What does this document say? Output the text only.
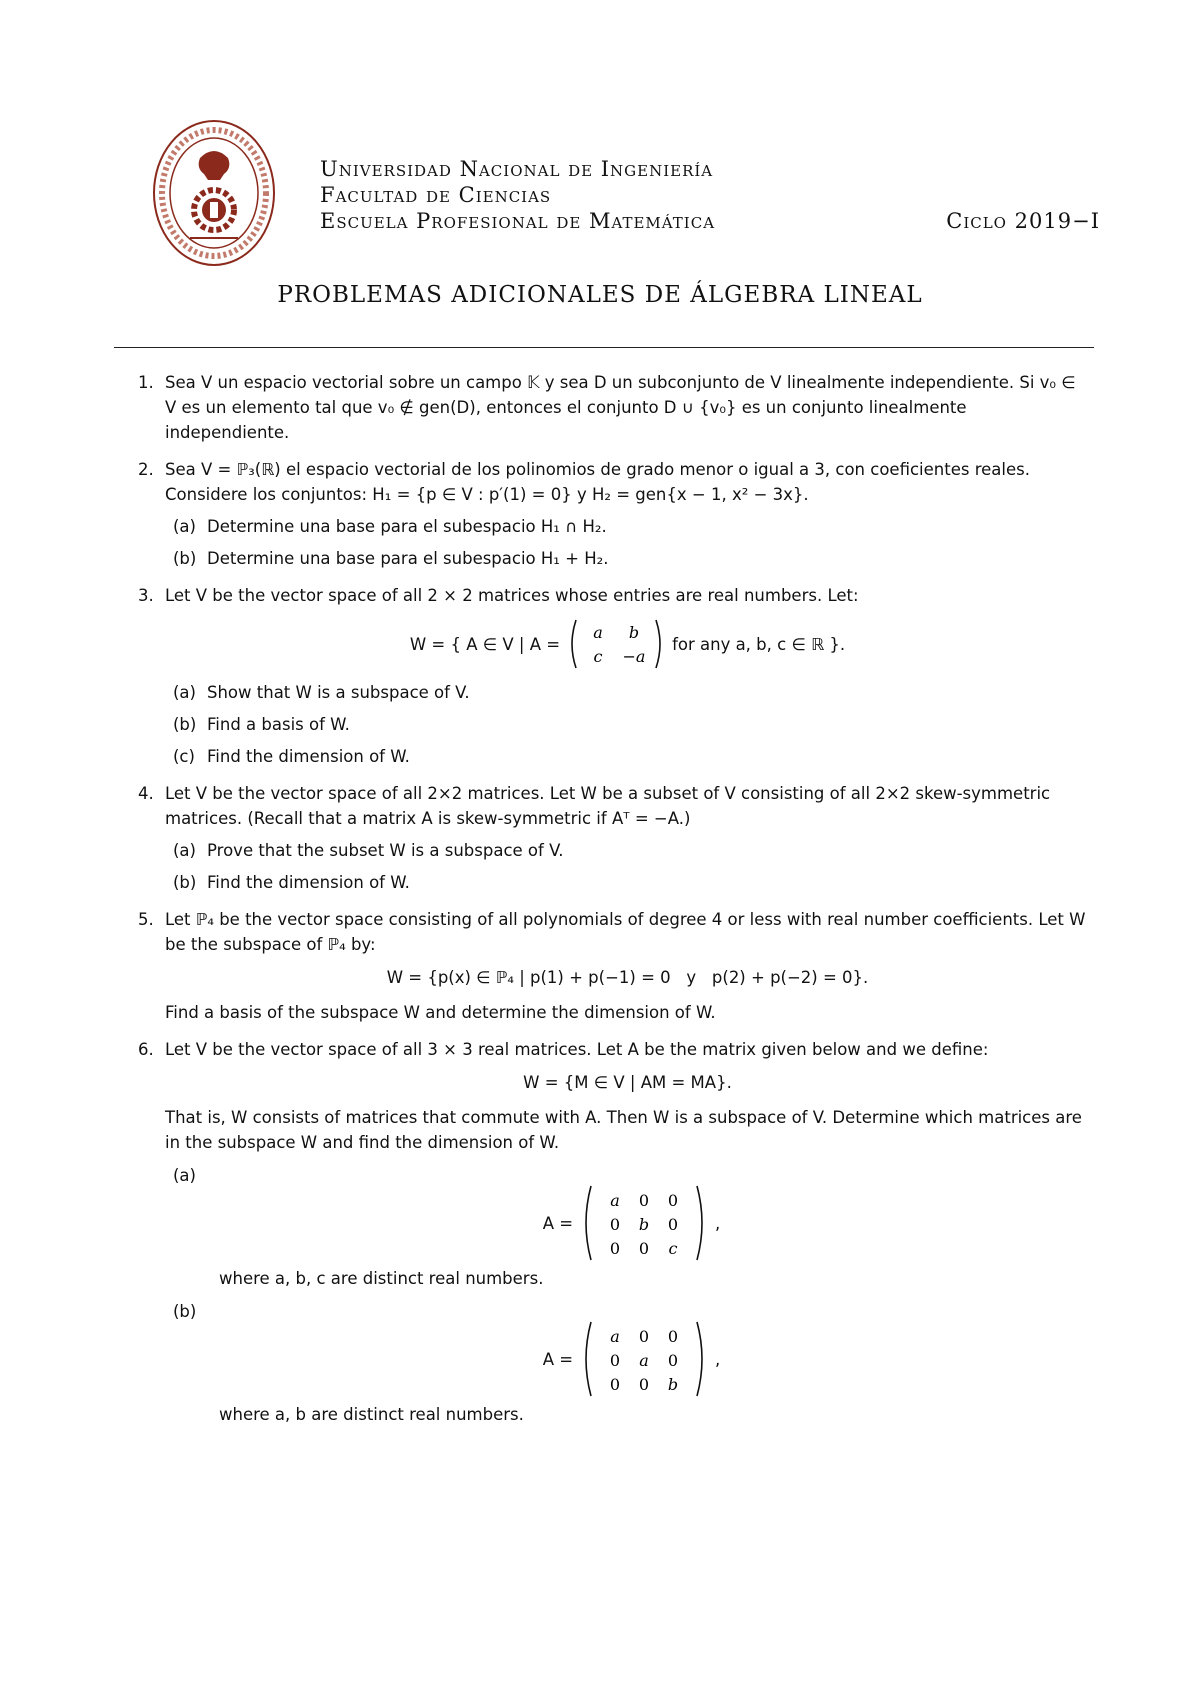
Universidad Nacional de Ingeniería
Facultad de Ciencias
Escuela Profesional de Matemática	Ciclo 2019−I
PROBLEMAS ADICIONALES DE ÁLGEBRA LINEAL
1. Sea V un espacio vectorial sobre un campo 𝕂 y sea D un subconjunto de V linealmente independiente. Si v₀ ∈ V es un elemento tal que v₀ ∉ gen(D), entonces el conjunto D ∪ {v₀} es un conjunto linealmente independiente.
2. Sea V = ℙ₃(ℝ) el espacio vectorial de los polinomios de grado menor o igual a 3, con coeficientes reales. Considere los conjuntos: H₁ = {p ∈ V : p′(1) = 0} y H₂ = gen{x − 1, x² − 3x}.
(a) Determine una base para el subespacio H₁ ∩ H₂.
(b) Determine una base para el subespacio H₁ + H₂.
3. Let V be the vector space of all 2 × 2 matrices whose entries are real numbers. Let:
W = { A ∈ V | A =
a b
c −a
for any a, b, c ∈ ℝ }.
(a) Show that W is a subspace of V.
(b) Find a basis of W.
(c) Find the dimension of W.
4. Let V be the vector space of all 2×2 matrices. Let W be a subset of V consisting of all 2×2 skew-symmetric matrices. (Recall that a matrix A is skew-symmetric if Aᵀ = −A.)
(a) Prove that the subset W is a subspace of V.
(b) Find the dimension of W.
5. Let ℙ₄ be the vector space consisting of all polynomials of degree 4 or less with real number coefficients. Let W be the subspace of ℙ₄ by:
W = {p(x) ∈ ℙ₄ | p(1) + p(−1) = 0   y   p(2) + p(−2) = 0}.
Find a basis of the subspace W and determine the dimension of W.
6. Let V be the vector space of all 3 × 3 real matrices. Let A be the matrix given below and we define:
W = {M ∈ V | AM = MA}.
That is, W consists of matrices that commute with A. Then W is a subspace of V. Determine which matrices are in the subspace W and find the dimension of W.
(a)
A =
a 0 0
0 b 0
0 0 c
,
where a, b, c are distinct real numbers.
(b)
A =
a 0 0
0 a 0
0 0 b
,
where a, b are distinct real numbers.
